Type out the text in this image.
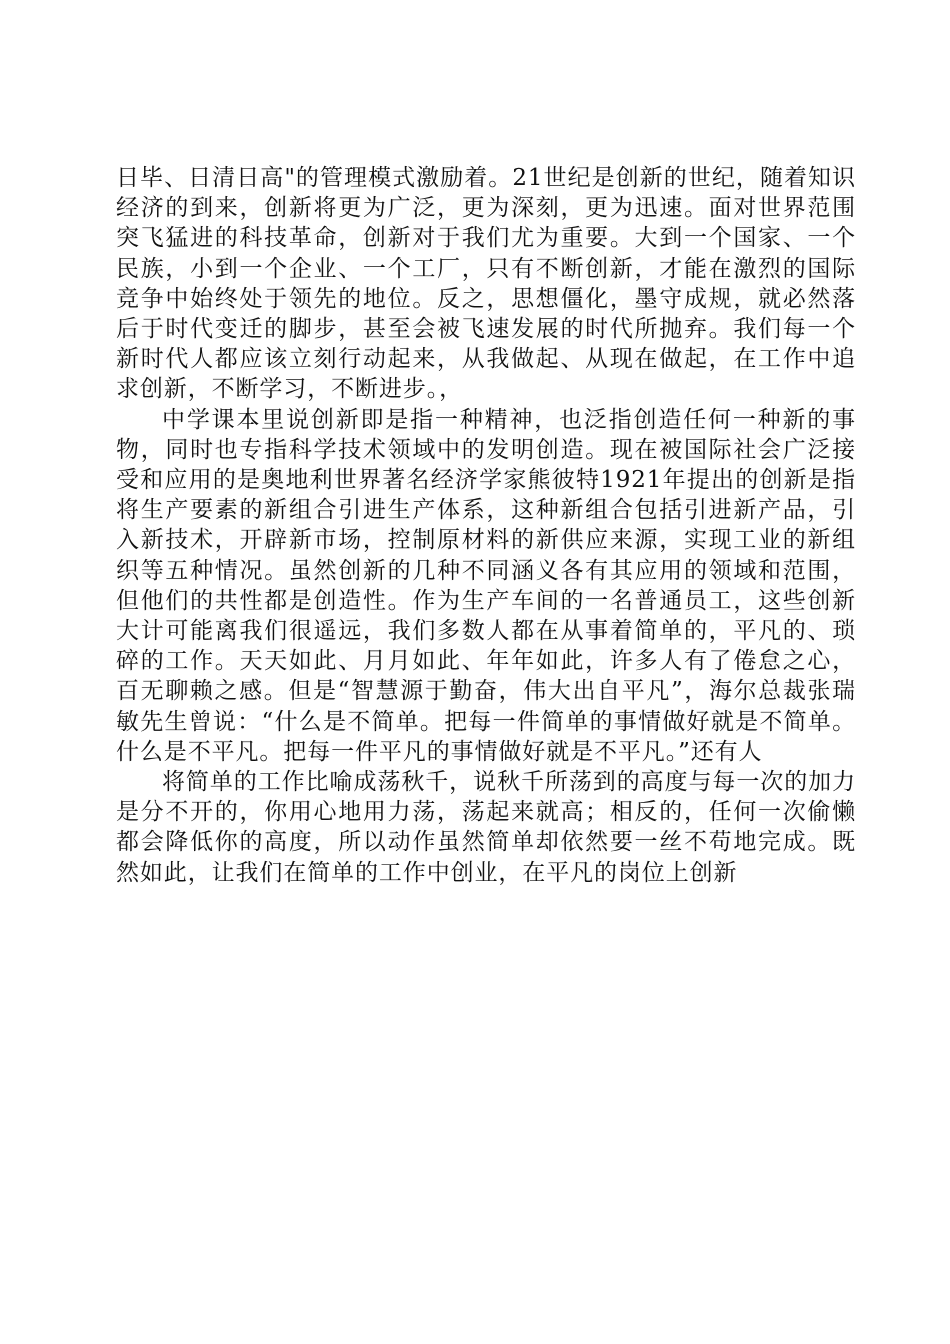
日毕、日清日高"的管理模式激励着。21世纪是创新的世纪，随着知识经济的到来，创新将更为广泛，更为深刻，更为迅速。面对世界范围突飞猛进的科技革命，创新对于我们尤为重要。大到一个国家、一个民族，小到一个企业、一个工厂，只有不断创新，才能在激烈的国际竞争中始终处于领先的地位。反之，思想僵化，墨守成规，就必然落后于时代变迁的脚步，甚至会被飞速发展的时代所抛弃。我们每一个新时代人都应该立刻行动起来，从我做起、从现在做起，在工作中追求创新，不断学习，不断进步。，

中学课本里说创新即是指一种精神，也泛指创造任何一种新的事物，同时也专指科学技术领域中的发明创造。现在被国际社会广泛接受和应用的是奥地利世界著名经济学家熊彼特1921年提出的创新是指将生产要素的新组合引进生产体系，这种新组合包括引进新产品，引入新技术，开辟新市场，控制原材料的新供应来源，实现工业的新组织等五种情况。虽然创新的几种不同涵义各有其应用的领域和范围，但他们的共性都是创造性。作为生产车间的一名普通员工，这些创新大计可能离我们很遥远，我们多数人都在从事着简单的，平凡的、琐碎的工作。天天如此、月月如此、年年如此，许多人有了倦怠之心，百无聊赖之感。但是“智慧源于勤奋，伟大出自平凡”，海尔总裁张瑞敏先生曾说：“什么是不简单。把每一件简单的事情做好就是不简单。什么是不平凡。把每一件平凡的事情做好就是不平凡。”还有人

将简单的工作比喻成荡秋千，说秋千所荡到的高度与每一次的加力是分不开的，你用心地用力荡，荡起来就高；相反的，任何一次偷懒都会降低你的高度，所以动作虽然简单却依然要一丝不苟地完成。既然如此，让我们在简单的工作中创业，在平凡的岗位上创新
